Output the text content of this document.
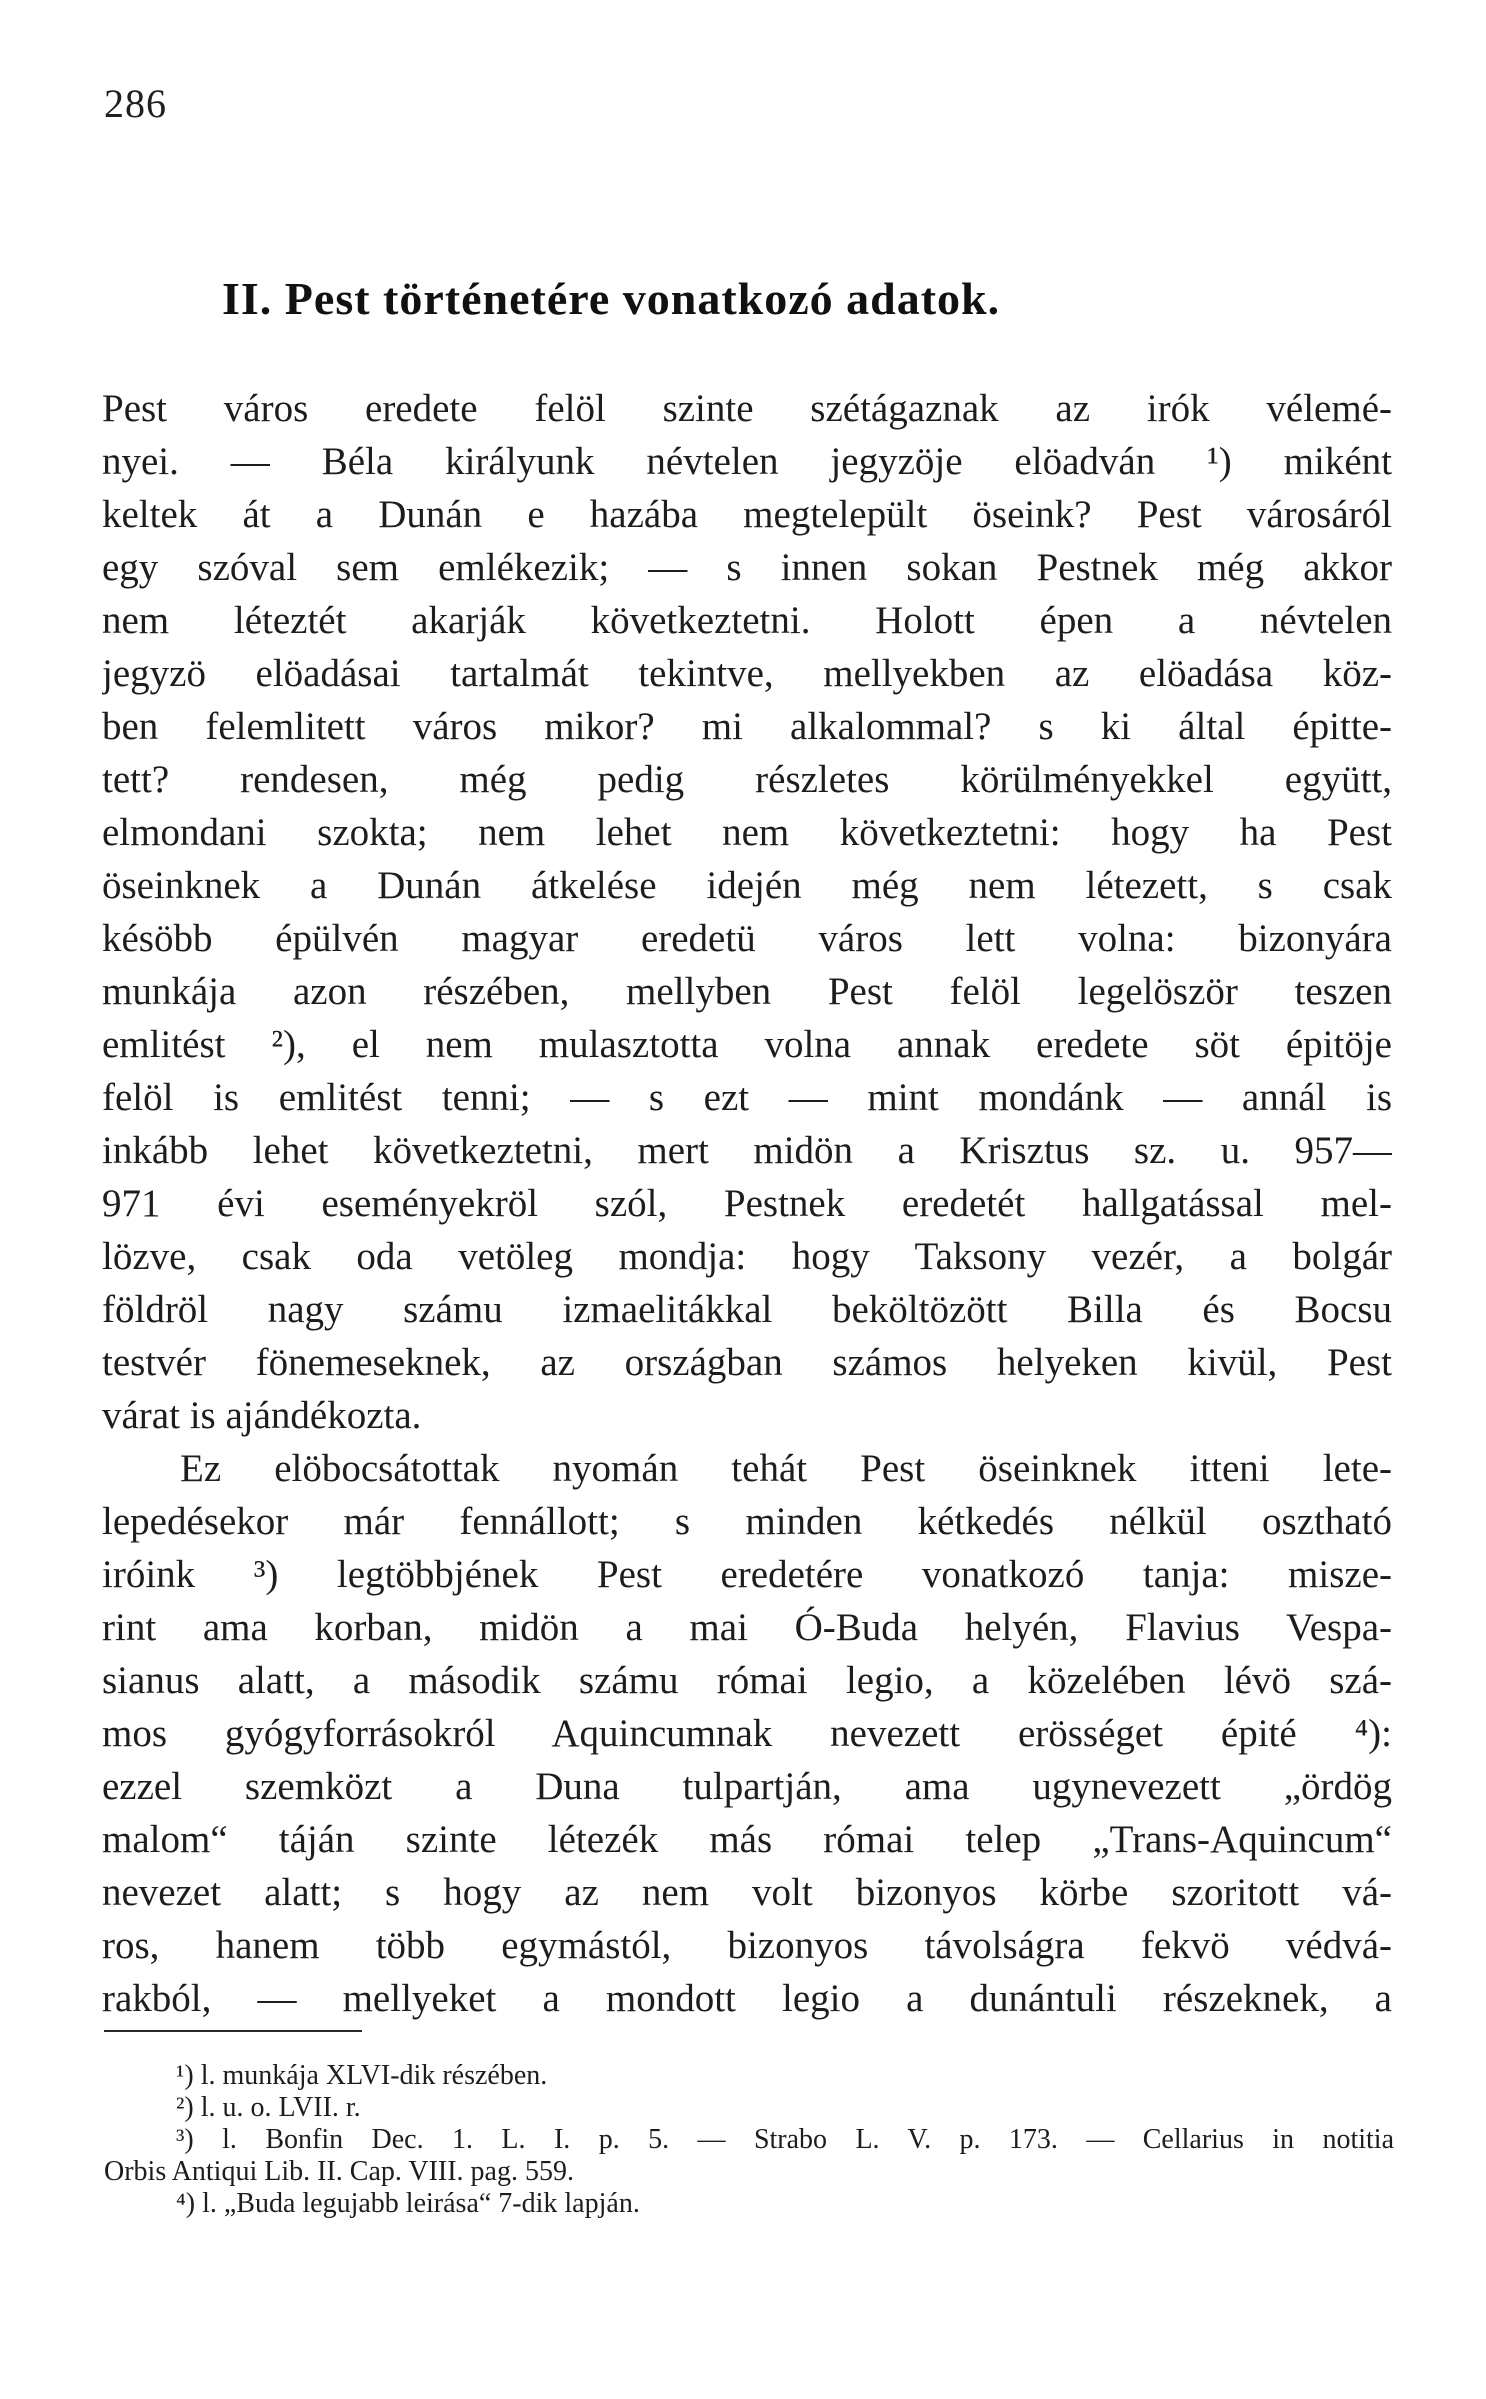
286
II. Pest történetére vonatkozó adatok.
Pest város eredete felöl szinte szétágaznak az irók vélemé-
nyei. — Béla királyunk névtelen jegyzöje elöadván ¹) miként
keltek át a Dunán e hazába megtelepült öseink? Pest városáról
egy szóval sem emlékezik; — s innen sokan Pestnek még akkor
nem léteztét akarják következtetni. Holott épen a névtelen
jegyzö elöadásai tartalmát tekintve, mellyekben az elöadása köz-
ben felemlitett város mikor? mi alkalommal? s ki által épitte-
tett? rendesen, még pedig részletes körülményekkel együtt,
elmondani szokta; nem lehet nem következtetni: hogy ha Pest
öseinknek a Dunán átkelése idején még nem létezett, s csak
késöbb épülvén magyar eredetü város lett volna: bizonyára
munkája azon részében, mellyben Pest felöl legelöször teszen
emlitést ²), el nem mulasztotta volna annak eredete söt épitöje
felöl is emlitést tenni; — s ezt — mint mondánk — annál is
inkább lehet következtetni, mert midön a Krisztus sz. u. 957—
971 évi eseményekröl szól, Pestnek eredetét hallgatással mel-
lözve, csak oda vetöleg mondja: hogy Taksony vezér, a bolgár
földröl nagy számu izmaelitákkal beköltözött Billa és Bocsu
testvér fönemeseknek, az országban számos helyeken kivül, Pest
várat is ajándékozta.
Ez elöbocsátottak nyomán tehát Pest öseinknek itteni lete-
lepedésekor már fennállott; s minden kétkedés nélkül osztható
iróink ³) legtöbbjének Pest eredetére vonatkozó tanja: misze-
rint ama korban, midön a mai Ó-Buda helyén, Flavius Vespa-
sianus alatt, a második számu római legio, a közelében lévö szá-
mos gyógyforrásokról Aquincumnak nevezett erösséget épité ⁴):
ezzel szemközt a Duna tulpartján, ama ugynevezett „ördög
malom“ táján szinte létezék más római telep „Trans-Aquincum“
nevezet alatt; s hogy az nem volt bizonyos körbe szoritott vá-
ros, hanem több egymástól, bizonyos távolságra fekvö védvá-
rakból, — mellyeket a mondott legio a dunántuli részeknek, a
¹) l. munkája XLVI-dik részében.
²) l. u. o. LVII. r.
³) l. Bonfin Dec. 1. L. I. p. 5. — Strabo L. V. p. 173. — Cellarius in notitia
Orbis Antiqui Lib. II. Cap. VIII. pag. 559.
⁴) l. „Buda legujabb leirása“ 7-dik lapján.
